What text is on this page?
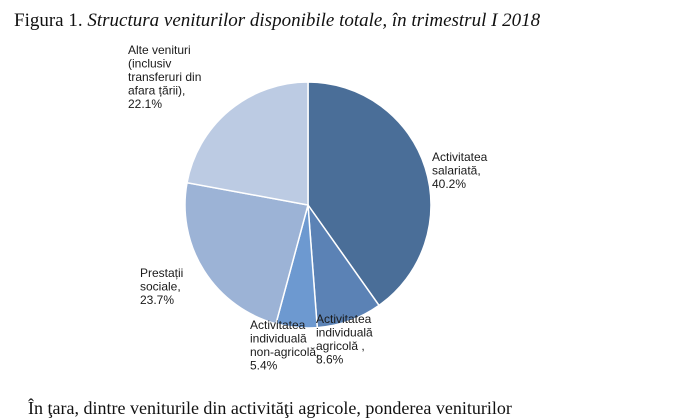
Figura 1. Structura veniturilor disponibile totale, în trimestrul I 2018
Activitatea salariată, 40.2%
Activitatea individuală agricolă , 8.6%
Activitatea individuală non-agricolă, 5.4%
Prestații sociale, 23.7%
Alte venituri (inclusiv transferuri din afara țării), 22.1%
În ţara, dintre veniturile din activităţi agricole, ponderea veniturilor
